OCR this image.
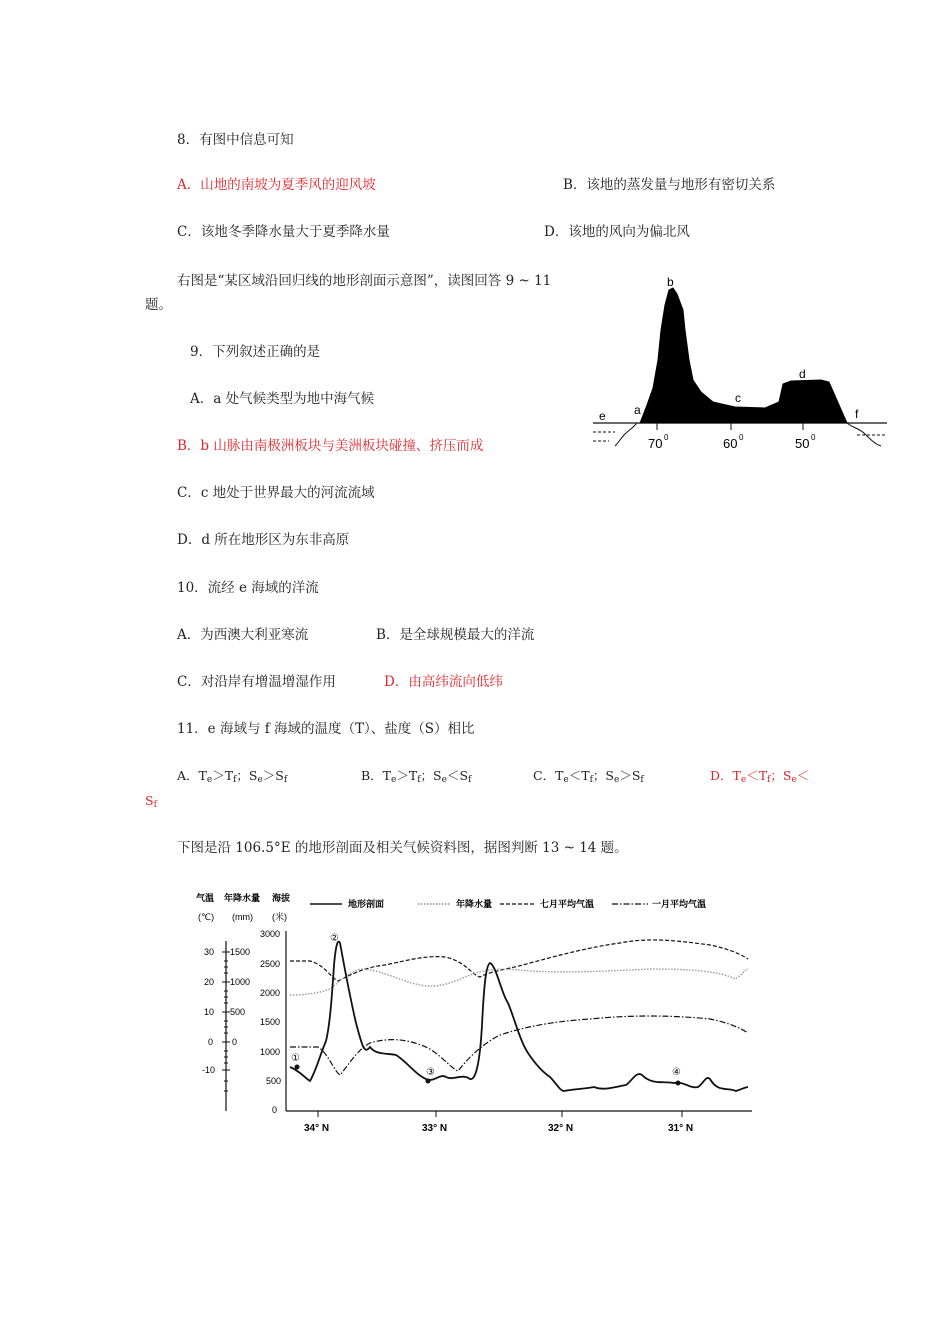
8．有图中信息可知
A．山地的南坡为夏季风的迎风坡	B．该地的蒸发量与地形有密切关系
C．该地冬季降水量大于夏季降水量	D．该地的风向为偏北风
右图是“某区域沿回归线的地形剖面示意图”，读图回答 9 ~ 11
题。
9．下列叙述正确的是
A．a 处气候类型为地中海气候
B．b 山脉由南极洲板块与美洲板块碰撞、挤压而成
C．c 地处于世界最大的河流流域
D．d 所在地形区为东非高原
10．流经 e 海域的洋流
A．为西澳大利亚寒流	B．是全球规模最大的洋流
C．对沿岸有增温增湿作用	D．由高纬流向低纬
11．e 海域与 f 海域的温度（T）、盐度（S）相比
A．$T_e>T_f$；$S_e>S_f$	B．$T_e>T_f$；$S_e<S_f$	C．$T_e<T_f$；$S_e>S_f$	D．$T_e<T_f$；$S_e<$
$S_f$
下图是沿 106.5°E 的地形剖面及相关气候资料图，据图判断 13 ~ 14 题。
b
a
c
d
e	f
70 0	60 0	50 0
气温 年降水量 海拔
(℃) (mm) (米)
30
20
10
0
-10
1500
1000
500
0
3000
2500
2000
1500
1000
500
0
34° N	33° N	32° N	31° N
地形剖面	年降水量	七月平均气温	一月平均气温
①
②
③	④
